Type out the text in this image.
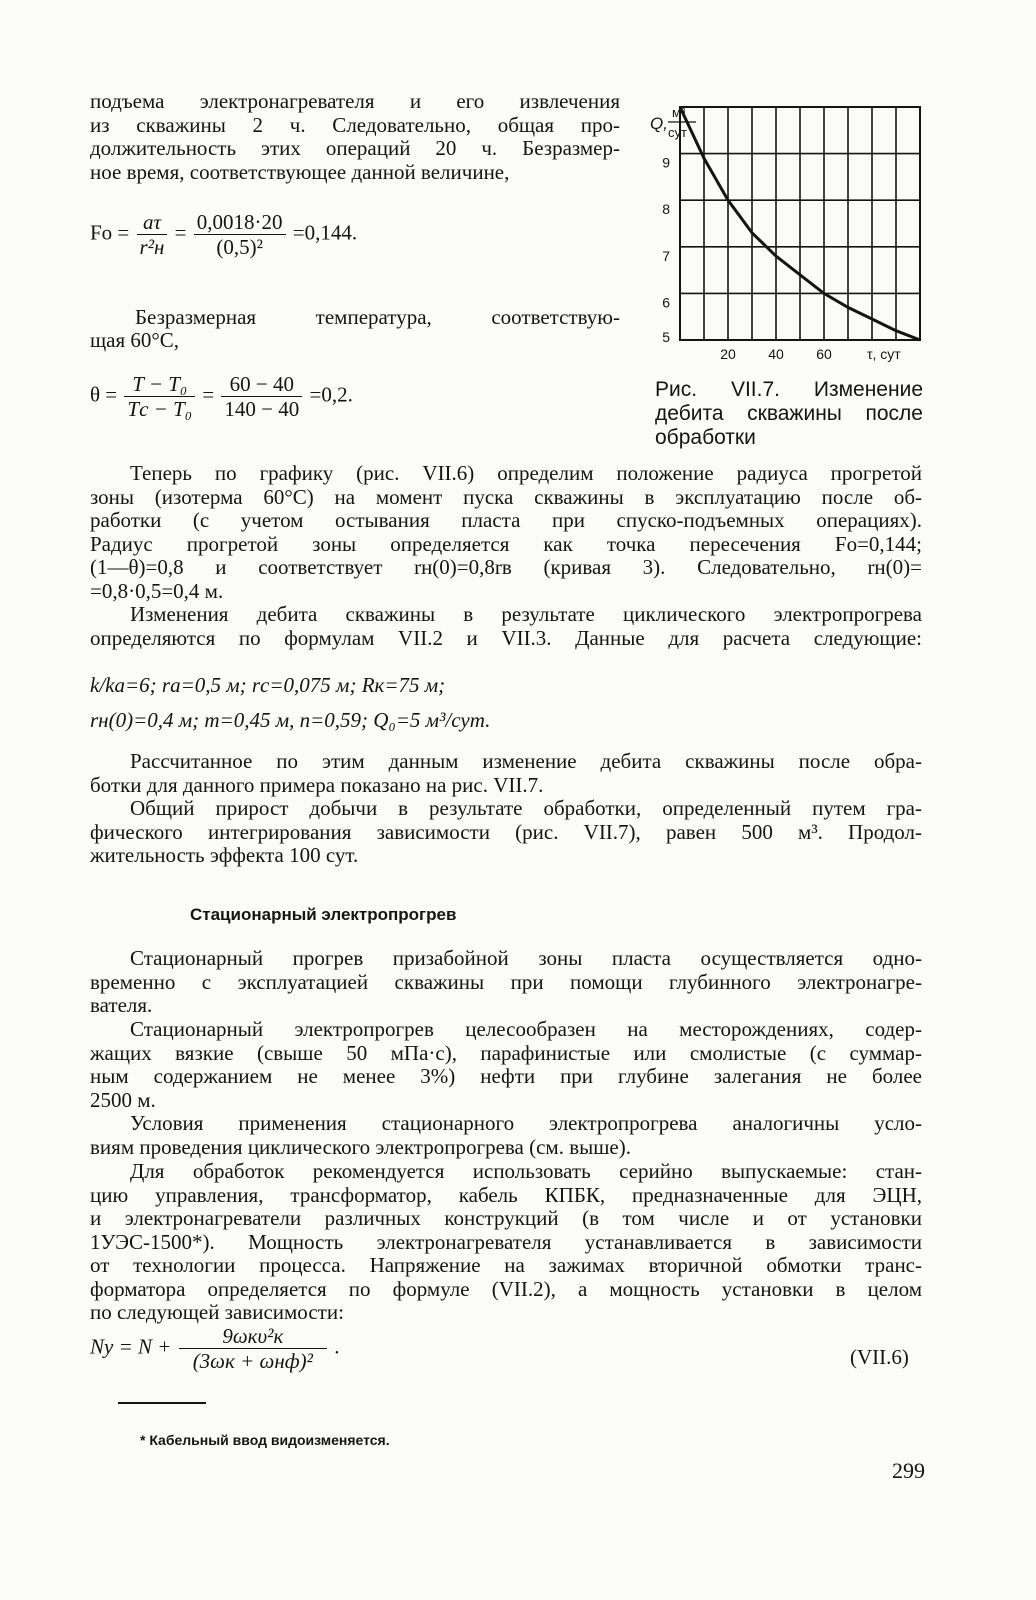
подъема электронагревателя и его извлечения
из скважины 2 ч. Следовательно, общая про-
должительность этих операций 20 ч. Безразмер-
ное время, соответствующее данной величине,
$Fo = \frac{a\tau}{\text{r²н}} = \frac{0,0018\cdot 20}{\text{(0,5)²}} =0,144$.
Безразмерная температура, соответствую-
щая 60°С,
$\theta = \frac{\text{T − T₀}}{\text{Tс − T₀}} = \frac{60 - 40}{140 - 40} =0,2$.
9
8
7
6
5
20 40 60
Q,
м³
сут
τ, сут
Рис. VII.7. Изменение
дебита скважины после
обработки
Теперь по графику (рис. VII.6) определим положение радиуса прогретой
зоны (изотерма 60°С) на момент пуска скважины в эксплуатацию после об-
работки (с учетом остывания пласта при спуско-подъемных операциях).
Радиус прогретой зоны определяется как точка пересечения Fo=0,144;
(1—θ)=0,8 и соответствует rн(0)=0,8rв (кривая 3). Следовательно, rн(0)=
=0,8·0,5=0,4 м.
Изменения дебита скважины в результате циклического электропрогрева
определяются по формулам VII.2 и VII.3. Данные для расчета следующие:
k/ka=6; ra=0,5 м; rс=0,075 м; Rк=75 м;
rн(0)=0,4 м; m=0,45 м, n=0,59; Q₀=5 м³/сут.
Рассчитанное по этим данным изменение дебита скважины после обра-
ботки для данного примера показано на рис. VII.7.
Общий прирост добычи в результате обработки, определенный путем гра-
фического интегрирования зависимости (рис. VII.7), равен 500 м³. Продол-
жительность эффекта 100 сут.
Стационарный электропрогрев
Стационарный прогрев призабойной зоны пласта осуществляется одно-
временно с эксплуатацией скважины при помощи глубинного электронагре-
вателя.
Стационарный электропрогрев целесообразен на месторождениях, содер-
жащих вязкие (свыше 50 мПа·с), парафинистые или смолистые (с суммар-
ным содержанием не менее 3%) нефти при глубине залегания не более
2500 м.
Условия применения стационарного электропрогрева аналогичны усло-
виям проведения циклического электропрогрева (см. выше).
Для обработок рекомендуется использовать серийно выпускаемые: стан-
цию управления, трансформатор, кабель КПБК, предназначенные для ЭЦН,
и электронагреватели различных конструкций (в том числе и от установки
1УЭС-1500*). Мощность электронагревателя устанавливается в зависимости
от технологии процесса. Напряжение на зажимах вторичной обмотки транс-
форматора определяется по формуле (VII.2), а мощность установки в целом
по следующей зависимости:
Nу = $N + \frac{\text{9ωкυ²к}}{\text{(3ωк + ωнф)²}}$ .	(VII.6)
* Кабельный ввод видоизменяется.
299
